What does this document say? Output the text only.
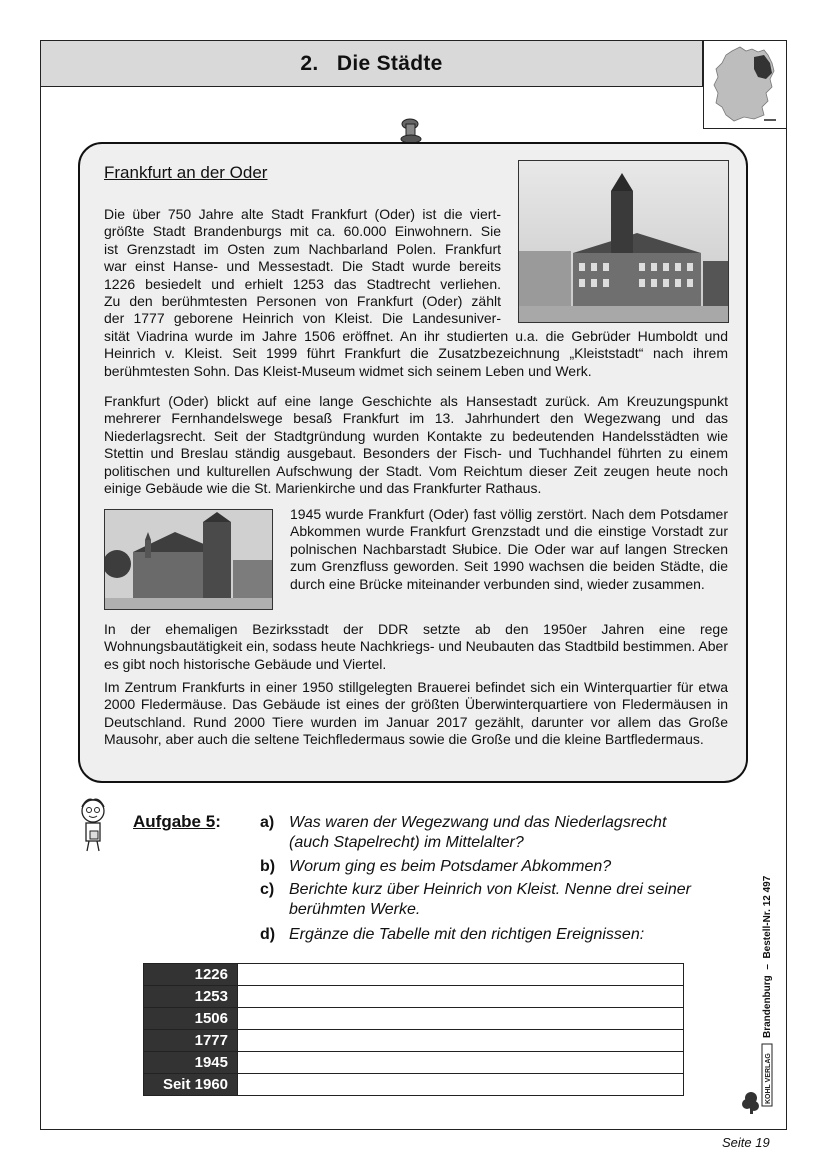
2.   Die Städte
Frankfurt an der Oder
Die über 750 Jahre alte Stadt Frankfurt (Oder) ist die viert-
größte Stadt Brandenburgs mit ca. 60.000 Einwohnern. Sie
ist Grenzstadt im Osten zum Nachbarland Polen. Frankfurt
war einst Hanse- und Messestadt. Die Stadt wurde bereits
1226 besiedelt und erhielt 1253 das Stadtrecht verliehen.
Zu den berühmtesten Personen von Frankfurt (Oder) zählt
der 1777 geborene Heinrich von Kleist. Die Landesuniver-

sität Viadrina wurde im Jahre 1506 eröffnet. An ihr studierten u.a. die Gebrüder Humboldt und Heinrich v. Kleist. Seit 1999 führt Frankfurt die Zusatzbezeichnung „Kleiststadt“ nach ihrem berühmtesten Sohn. Das Kleist-Museum widmet sich seinem Leben und Werk.

Frankfurt (Oder) blickt auf eine lange Geschichte als Hansestadt zurück. Am Kreuzungspunkt mehrerer Fernhandelswege besaß Frankfurt im 13. Jahrhundert den Wegezwang und das Niederlagsrecht. Seit der Stadtgründung wurden Kontakte zu bedeutenden Handelsstädten wie Stettin und Breslau ständig ausgebaut. Besonders der Fisch- und Tuchhandel führten zu einem politischen und kulturellen Aufschwung der Stadt. Vom Reichtum dieser Zeit zeugen heute noch einige Gebäude wie die St. Marienkirche und das Frankfurter Rathaus.

1945 wurde Frankfurt (Oder) fast völlig zerstört. Nach dem Potsdamer Abkommen wurde Frankfurt Grenzstadt und die einstige Vorstadt zur polnischen Nachbarstadt Słubice. Die Oder war auf langen Strecken zum Grenzfluss geworden. Seit 1990 wachsen die beiden Städte, die durch eine Brücke miteinander verbunden sind, wieder zusammen.

In der ehemaligen Bezirksstadt der DDR setzte ab den 1950er Jahren eine rege Wohnungsbautätigkeit ein, sodass heute Nachkriegs- und Neubauten das Stadtbild bestimmen. Aber es gibt noch historische Gebäude und Viertel.

Im Zentrum Frankfurts in einer 1950 stillgelegten Brauerei befindet sich ein Winterquartier für etwa 2000 Fledermäuse. Das Gebäude ist eines der größten Überwinterquartiere von Fledermäusen in Deutschland. Rund 2000 Tiere wurden im Januar 2017 gezählt, darunter vor allem das Große Mausohr, aber auch die seltene Teichfledermaus sowie die Große und die kleine Bartfledermaus.

Aufgabe 5: a) Was waren der Wegezwang und das Niederlagsrecht (auch Stapelrecht) im Mittelalter?
b) Worum ging es beim Potsdamer Abkommen?
c) Berichte kurz über Heinrich von Kleist. Nenne drei seiner berühmten Werke.
d) Ergänze die Tabelle mit den richtigen Ereignissen:
1226	
1253	
1506	
1777	
1945	
Seit 1960	
Brandenburg  –  Bestell-Nr. 12 497
KOHL VERLAG
Seite 19
